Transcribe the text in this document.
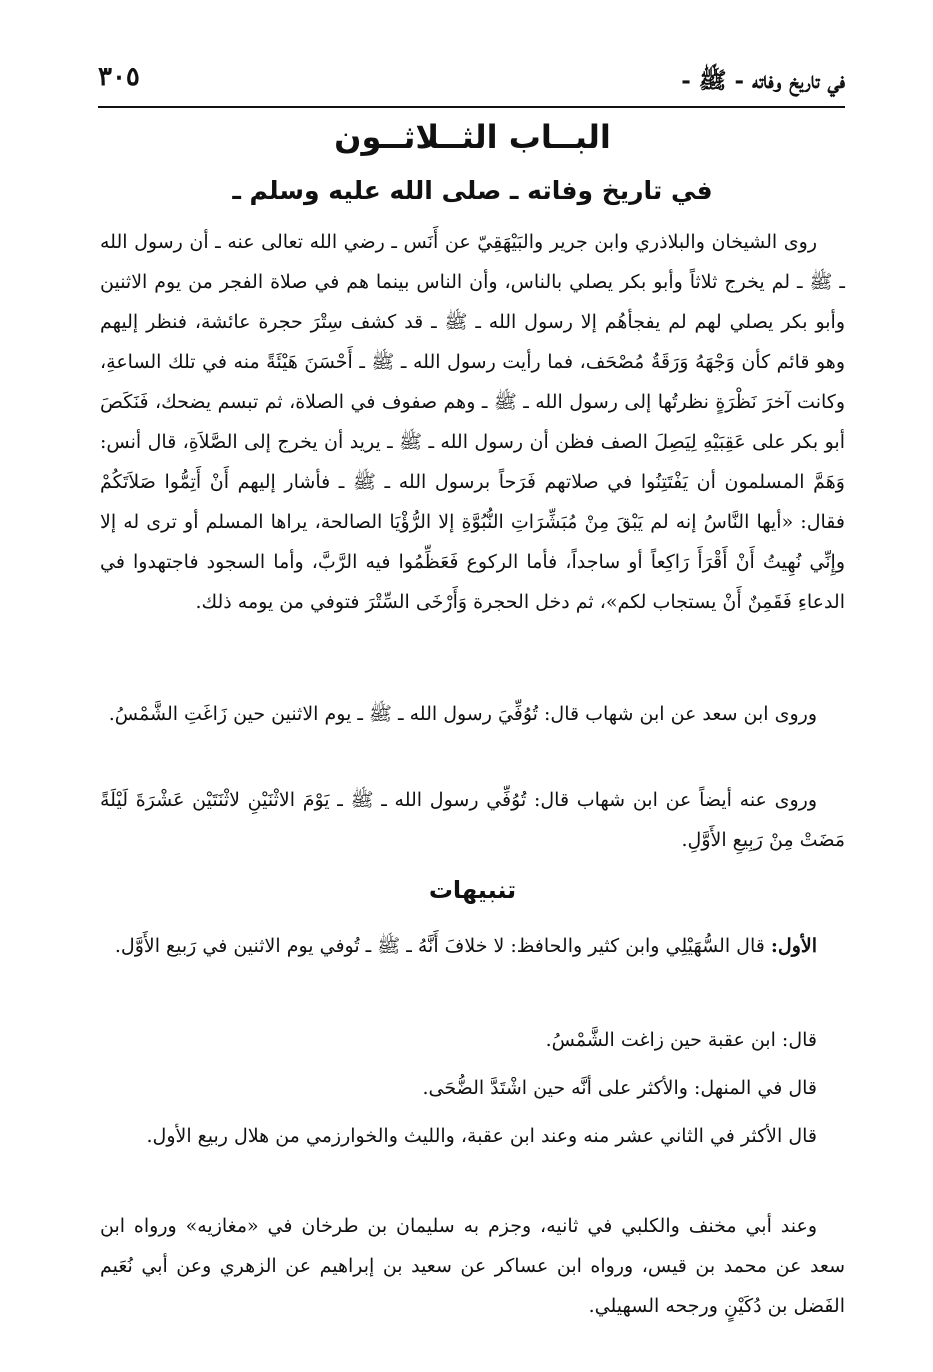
في تاريخ وفاته - ﷺ -
٣٠٥
البــاب الثــلاثــون
في تاريخ وفاته ـ صلى الله عليه وسلم ـ

روى الشيخان والبلاذري وابن جرير والبَيْهَقِيّ عن أَنَس ـ رضي الله تعالى عنه ـ أن رسول الله ـ ﷺ ـ لم يخرج ثلاثاً وأبو بكر يصلي بالناس، وأن الناس بينما هم في صلاة الفجر من يوم الاثنين وأبو بكر يصلي لهم لم يفجأهُم إلا رسول الله ـ ﷺ ـ قد كشف سِتْرَ حجرة عائشة، فنظر إليهم وهو قائم كأن وَجْهَهُ وَرَقَةُ مُصْحَف، فما رأيت رسول الله ـ ﷺ ـ أَحْسَنَ هَيْئَةً منه في تلك الساعةِ، وكانت آخرَ نَظْرَةٍ نظرتُها إلى رسول الله ـ ﷺ ـ وهم صفوف في الصلاة، ثم تبسم يضحك، فَنَكَصَ أبو بكر على عَقِبَيْهِ لِيَصِلَ الصف فظن أن رسول الله ـ ﷺ ـ يريد أن يخرج إلى الصَّلاَةِ، قال أنس: وَهَمَّ المسلمون أن يَفْتَتِنُوا في صلاتهم فَرَحاً برسول الله ـ ﷺ ـ فأشار إليهم أَنْ أَتِمُّوا صَلاَتَكُمْ فقال: «أيها النَّاسُ إنه لم يَبْقَ مِنْ مُبَشِّرَاتِ النُّبُوَّةِ إلا الرُّؤْيَا الصالحة، يراها المسلم أو ترى له إلا وإِنِّي نُهِيتُ أَنْ أَقْرَأَ رَاكِعاً أو ساجداً، فأما الركوع فَعَظِّمُوا فيه الرَّبَّ، وأما السجود فاجتهدوا في الدعاءِ فَقَمِنٌ أَنْ يستجاب لكم»، ثم دخل الحجرة وَأَرْخَى السِّتْرَ فتوفي من يومه ذلك.

وروى ابن سعد عن ابن شهاب قال: تُوُفِّيَ رسول الله ـ ﷺ ـ يوم الاثنين حين زَاغَتِ الشَّمْسُ.

وروى عنه أيضاً عن ابن شهاب قال: تُوُفِّي رسول الله ـ ﷺ ـ يَوْمَ الاثْنَيْنِ لاثْنَتَيْن عَشْرَةَ لَيْلَةً مَضَتْ مِنْ رَبِيعِ الأَوَّلِ.

تنبيهات

الأول: قال السُّهَيْلِي وابن كثير والحافظ: لا خلافَ أَنَّهُ ـ ﷺ ـ تُوفي يوم الاثنين في رَبيع الأَوَّل.

قال: ابن عقبة حين زاغت الشَّمْسُ.

قال في المنهل: والأكثر على أنَّه حين اشْتَدَّ الضُّحَى.

قال الأكثر في الثاني عشر منه وعند ابن عقبة، والليث والخوارزمي من هلال ربيع الأول.

وعند أبي مخنف والكلبي في ثانيه، وجزم به سليمان بن طرخان في «مغازيه» ورواه ابن سعد عن محمد بن قيس، ورواه ابن عساكر عن سعيد بن إبراهيم عن الزهري وعن أبي نُعَيم الفَضل بن دُكَيْنٍ ورجحه السهيلي.
